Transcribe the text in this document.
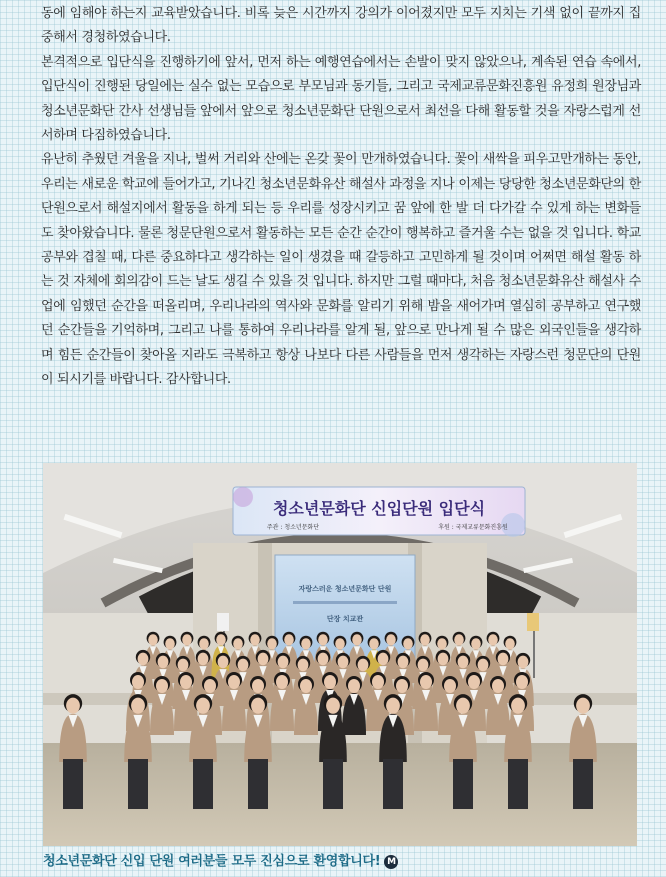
동에 임해야 하는지 교육받았습니다. 비록 늦은 시간까지 강의가 이어졌지만 모두 지치는 기색 없이 끝까지 집중해서 경청하였습니다.

본격적으로 입단식을 진행하기에 앞서, 먼저 하는 예행연습에서는 손발이 맞지 않았으나, 계속된 연습 속에서, 입단식이 진행된 당일에는 실수 없는 모습으로 부모님과 동기들, 그리고 국제교류문화진흥원 유정희 원장님과 청소년문화단 간사 선생님들 앞에서 앞으로 청소년문화단 단원으로서 최선을 다해 활동할 것을 자랑스럽게 선서하며 다짐하였습니다.

유난히 추웠던 겨울을 지나, 벌써 거리와 산에는 온갖 꽃이 만개하였습니다. 꽃이 새싹을 피우고만개하는 동안, 우리는 새로운 학교에 들어가고, 기나긴 청소년문화유산 해설사 과정을 지나 이제는 당당한 청소년문화단의 한 단원으로서 해설지에서 활동을 하게 되는 등 우리를 성장시키고 꿈 앞에 한 발 더 다가갈 수 있게 하는 변화들도 찾아왔습니다. 물론 청문단원으로서 활동하는 모든 순간 순간이 행복하고 즐거울 수는 없을 것 입니다. 학교 공부와 겹칠 때, 다른 중요하다고 생각하는 일이 생겼을 때 갈등하고 고민하게 될 것이며 어쩌면 해설 활동 하는 것 자체에 회의감이 드는 날도 생길 수 있을 것 입니다. 하지만 그럴 때마다, 처음 청소년문화유산 해설사 수업에 임했던 순간을 떠올리며, 우리나라의 역사와 문화를 알리기 위해 밤을 새어가며 열심히 공부하고 연구했던 순간들을 기억하며, 그리고 나를 통하여 우리나라를 알게 될, 앞으로 만나게 될 수 많은 외국인들을 생각하며 힘든 순간들이 찾아올 지라도 극복하고 항상 나보다 다른 사람들을 먼저 생각하는 자랑스런 청문단의 단원이 되시기를 바랍니다. 감사합니다.

청소년문화단 신입단원 입단식
주관 : 청소년문화단	후원 : 국제교류문화진흥원
자랑스러운 청소년문화단 단원
단장 치교관
청소년문화단 신입 단원 여러분들 모두 진심으로 환영합니다! M
